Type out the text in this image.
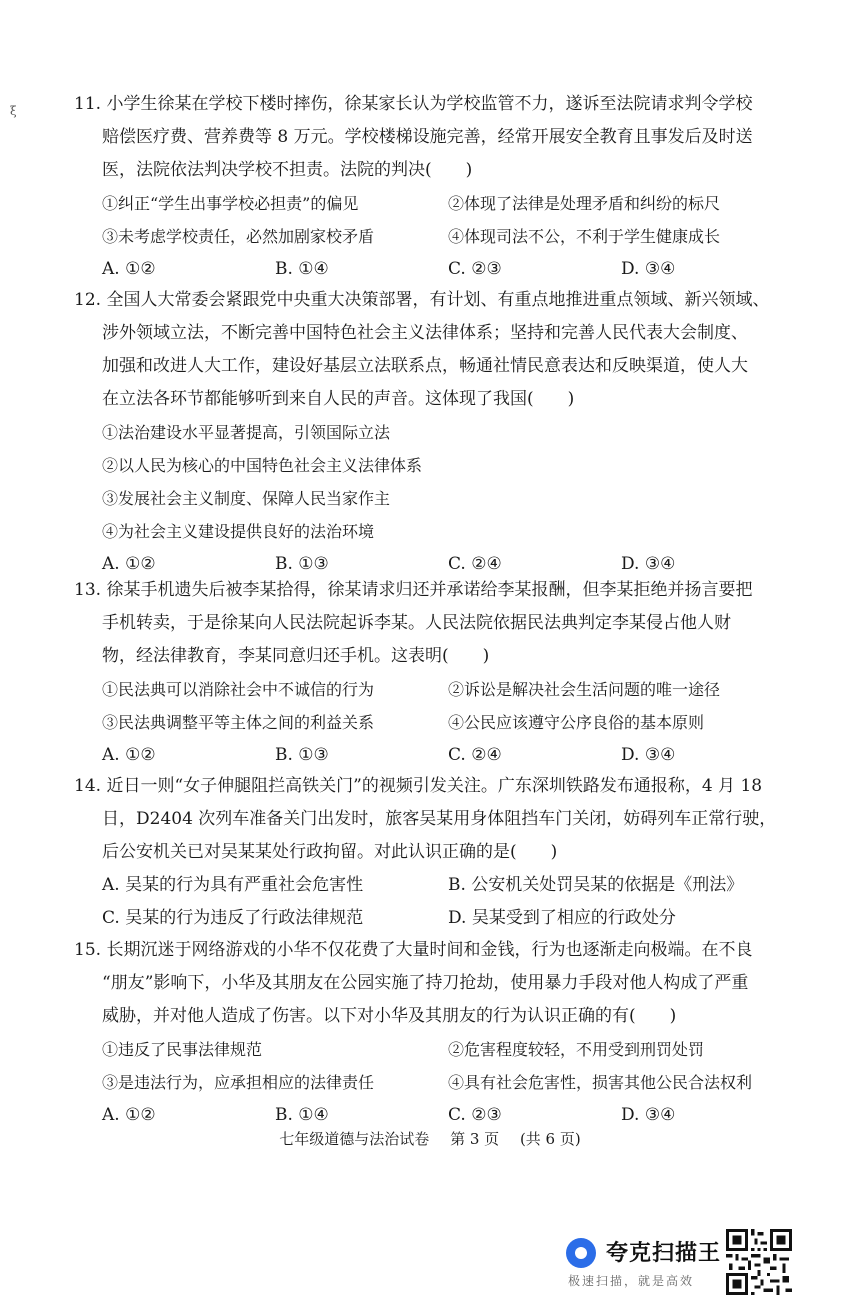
ξ	11. 小学生徐某在学校下楼时摔伤，徐某家长认为学校监管不力，遂诉至法院请求判令学校
赔偿医疗费、营养费等 8 万元。学校楼梯设施完善，经常开展安全教育且事发后及时送
医，法院依法判决学校不担责。法院的判决(　　)
①纠正“学生出事学校必担责”的偏见	②体现了法律是处理矛盾和纠纷的标尺
③未考虑学校责任，必然加剧家校矛盾	④体现司法不公，不利于学生健康成长
A. ①②	B. ①④	C. ②③	D. ③④
12. 全国人大常委会紧跟党中央重大决策部署，有计划、有重点地推进重点领域、新兴领域、
涉外领域立法，不断完善中国特色社会主义法律体系；坚持和完善人民代表大会制度、
加强和改进人大工作，建设好基层立法联系点，畅通社情民意表达和反映渠道，使人大
在立法各环节都能够听到来自人民的声音。这体现了我国(　　)
①法治建设水平显著提高，引领国际立法
②以人民为核心的中国特色社会主义法律体系
③发展社会主义制度、保障人民当家作主
④为社会主义建设提供良好的法治环境
A. ①②	B. ①③	C. ②④	D. ③④
13. 徐某手机遗失后被李某拾得，徐某请求归还并承诺给李某报酬，但李某拒绝并扬言要把
手机转卖，于是徐某向人民法院起诉李某。人民法院依据民法典判定李某侵占他人财
物，经法律教育，李某同意归还手机。这表明(　　)
①民法典可以消除社会中不诚信的行为	②诉讼是解决社会生活问题的唯一途径
③民法典调整平等主体之间的利益关系	④公民应该遵守公序良俗的基本原则
A. ①②	B. ①③	C. ②④	D. ③④
14. 近日一则“女子伸腿阻拦高铁关门”的视频引发关注。广东深圳铁路发布通报称，4 月 18
日，D2404 次列车准备关门出发时，旅客吴某用身体阻挡车门关闭，妨碍列车正常行驶，
后公安机关已对吴某某处行政拘留。对此认识正确的是(　　)
A. 吴某的行为具有严重社会危害性	B. 公安机关处罚吴某的依据是《刑法》
C. 吴某的行为违反了行政法律规范	D. 吴某受到了相应的行政处分
15. 长期沉迷于网络游戏的小华不仅花费了大量时间和金钱，行为也逐渐走向极端。在不良
“朋友”影响下，小华及其朋友在公园实施了持刀抢劫，使用暴力手段对他人构成了严重
威胁，并对他人造成了伤害。以下对小华及其朋友的行为认识正确的有(　　)
①违反了民事法律规范	②危害程度较轻，不用受到刑罚处罚
③是违法行为，应承担相应的法律责任	④具有社会危害性，损害其他公民合法权利
A. ①②	B. ①④	C. ②③	D. ③④
七年级道德与法治试卷 第 3 页 (共 6 页)
夸克扫描王
极速扫描，就是高效
